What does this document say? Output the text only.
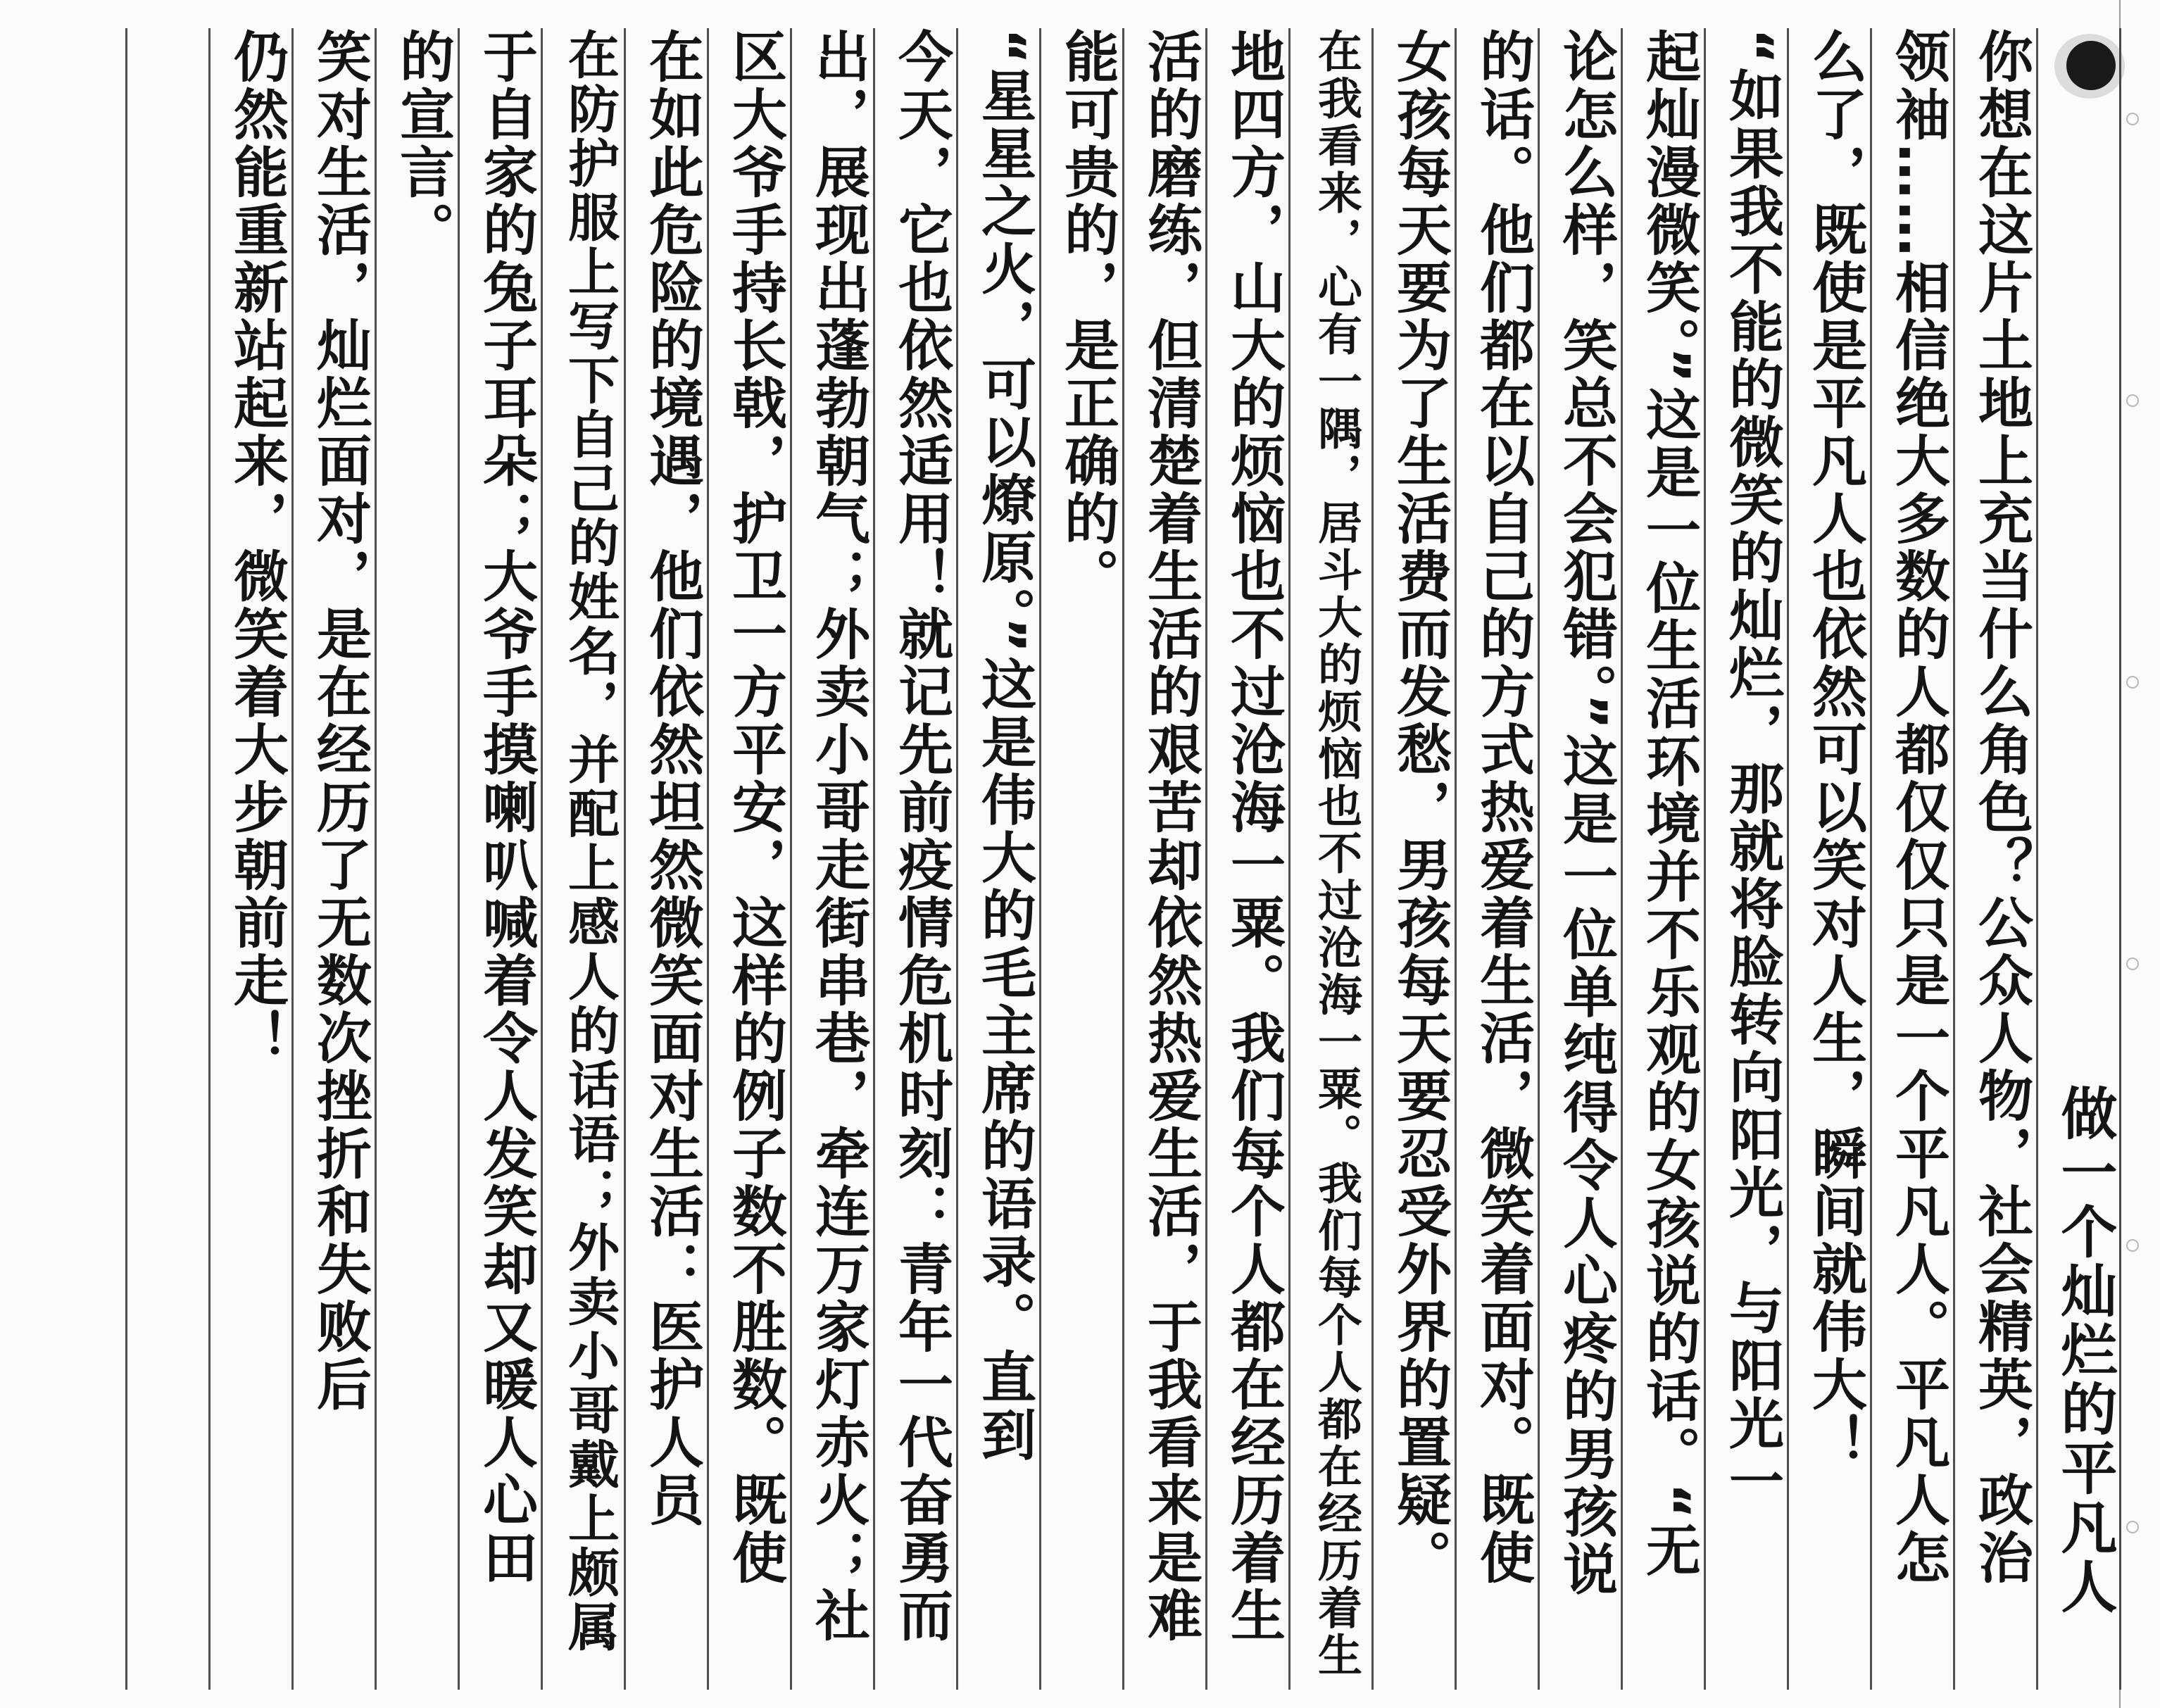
做一个灿烂的平凡人
你想在这片土地上充当什么角色？公众人物，社会精英，政治
领袖……相信绝大多数的人都仅仅只是一个平凡人。平凡人怎
么了，既使是平凡人也依然可以笑对人生，瞬间就伟大！
“如果我不能的微笑的灿烂，那就将脸转向阳光，与阳光一
起灿漫微笑。”这是一位生活环境并不乐观的女孩说的话。“无
论怎么样，笑总不会犯错。”这是一位单纯得令人心疼的男孩说
的话。他们都在以自己的方式热爱着生活，微笑着面对。既使
女孩每天要为了生活费而发愁，男孩每天要忍受外界的置疑。
在我看来，心有一隅，居斗大的烦恼也不过沧海一粟。我们每个人都在经历着生
地四方，山大的烦恼也不过沧海一粟。我们每个人都在经历着生
活的磨练，但清楚着生活的艰苦却依然热爱生活，于我看来是难
能可贵的，是正确的。
“星星之火，可以燎原。”这是伟大的毛主席的语录。直到
今天，它也依然适用！就记先前疫情危机时刻：青年一代奋勇而
出，展现出蓬勃朝气；外卖小哥走街串巷，牵连万家灯赤火；社
区大爷手持长戟，护卫一方平安，这样的例子数不胜数。既使
在如此危险的境遇，他们依然坦然微笑面对生活：医护人员
在防护服上写下自己的姓名，并配上感人的话语；外卖小哥戴上颇属
于自家的兔子耳朵；大爷手摸喇叭喊着令人发笑却又暖人心田
的宣言。
笑对生活，灿烂面对，是在经历了无数次挫折和失败后
仍然能重新站起来，微笑着大步朝前走！
